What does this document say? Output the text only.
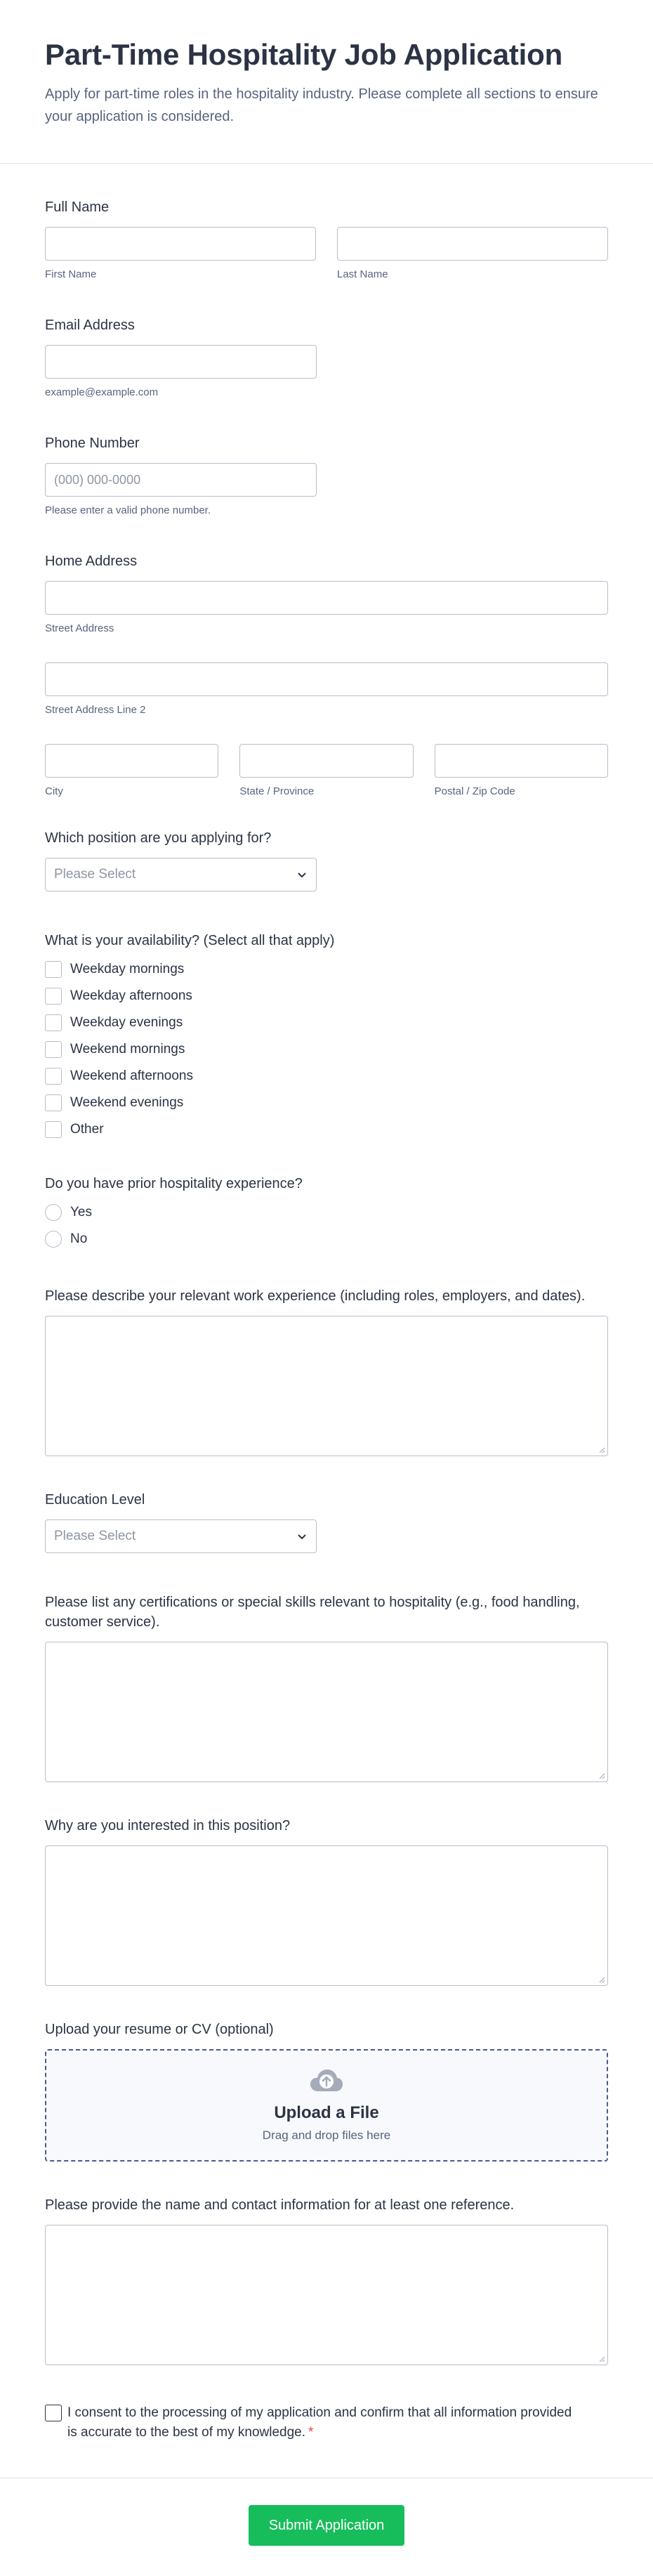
Part-Time Hospitality Job Application

Apply for part-time roles in the hospitality industry. Please complete all sections to ensure your application is considered.

Full Name
First Name	Last Name
Email Address
example@example.com
Phone Number
(000) 000-0000
Please enter a valid phone number.
Home Address
Street Address
Street Address Line 2
City	State / Province	Postal / Zip Code
Which position are you applying for?
Please Select
What is your availability? (Select all that apply)
Weekday mornings
Weekday afternoons
Weekday evenings
Weekend mornings
Weekend afternoons
Weekend evenings
Other
Do you have prior hospitality experience?
Yes
No
Please describe your relevant work experience (including roles, employers, and dates).
Education Level
Please Select
Please list any certifications or special skills relevant to hospitality (e.g., food handling, customer service).
Why are you interested in this position?
Upload your resume or CV (optional)
Upload a File
Drag and drop files here
Please provide the name and contact information for at least one reference.
I consent to the processing of my application and confirm that all information provided is accurate to the best of my knowledge. *
Submit Application
